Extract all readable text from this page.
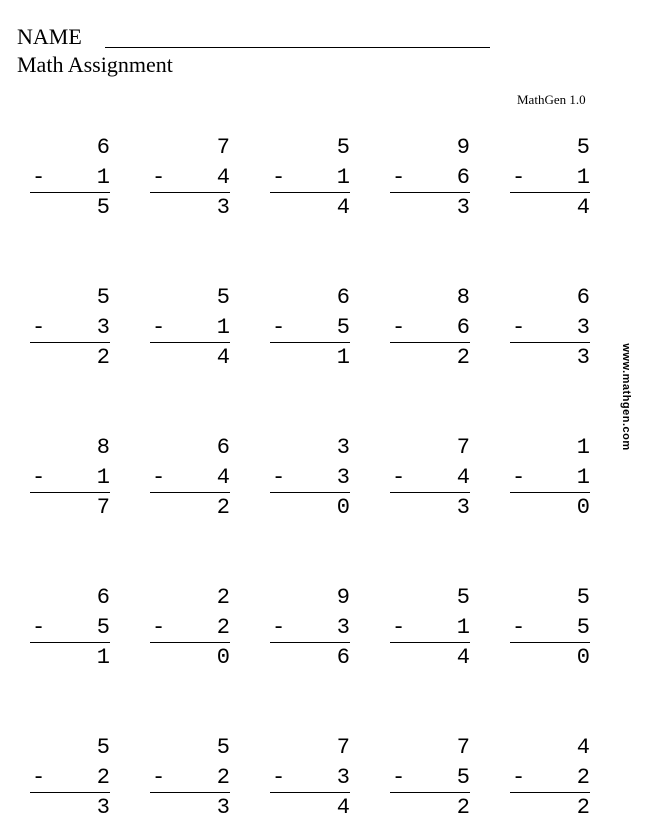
NAME
Math Assignment
MathGen 1.0
www.mathgen.com
6
-	1
5
7
-	4
3
5
-	1
4
9
-	6
3
5
-	1
4
5
-	3
2
5
-	1
4
6
-	5
1
8
-	6
2
6
-	3
3
8
-	1
7
6
-	4
2
3
-	3
0
7
-	4
3
1
-	1
0
6
-	5
1
2
-	2
0
9
-	3
6
5
-	1
4
5
-	5
0
5
-	2
3
5
-	2
3
7
-	3
4
7
-	5
2
4
-	2
2
